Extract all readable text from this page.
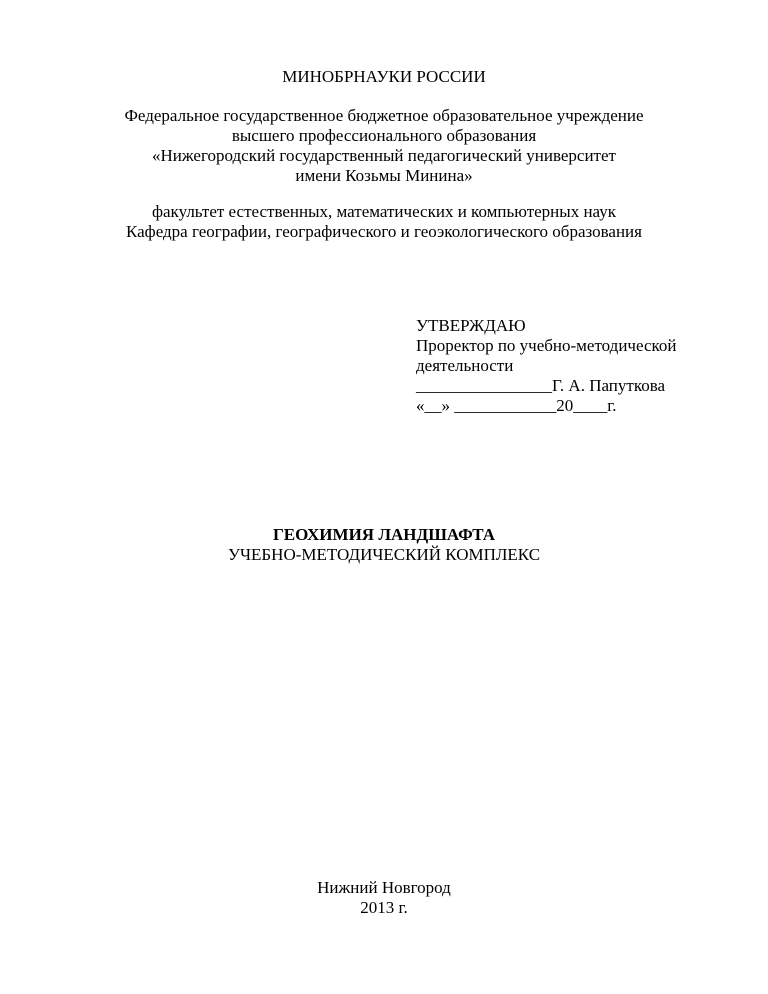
МИНОБРНАУКИ РОССИИ
Федеральное государственное бюджетное образовательное учреждение
высшего профессионального образования
«Нижегородский государственный педагогический университет
имени Козьмы Минина»
факультет естественных, математических и компьютерных наук
Кафедра географии, географического и геоэкологического образования
УТВЕРЖДАЮ
Проректор по учебно-методической
деятельности
________________Г. А. Папуткова
«__» ____________20____г.
ГЕОХИМИЯ ЛАНДШАФТА
УЧЕБНО-МЕТОДИЧЕСКИЙ КОМПЛЕКС
Нижний Новгород
2013 г.
